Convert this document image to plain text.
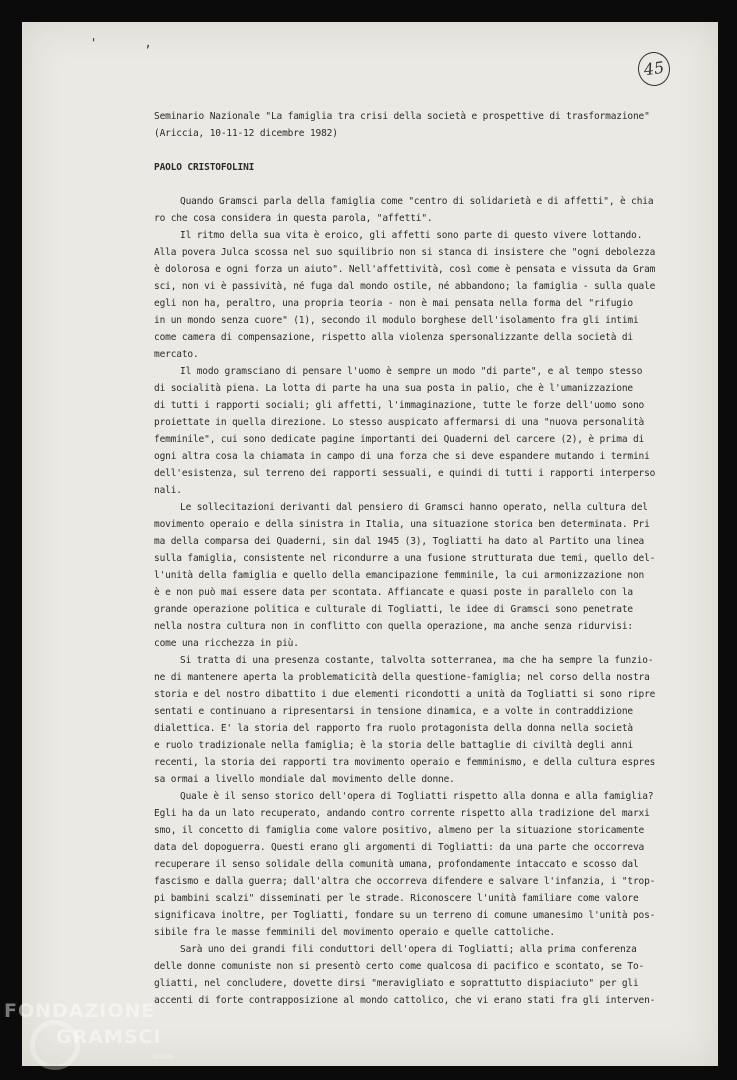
' ,
45
Seminario Nazionale "La famiglia tra crisi della società e prospettive di trasformazione"
(Ariccia, 10-11-12 dicembre 1982)
PAOLO CRISTOFOLINI
Quando Gramsci parla della famiglia come "centro di solidarietà e di affetti", è chia
ro che cosa considera in questa parola, "affetti".
Il ritmo della sua vita è eroico, gli affetti sono parte di questo vivere lottando.
Alla povera Julca scossa nel suo squilibrio non si stanca di insistere che "ogni debolezza
è dolorosa e ogni forza un aiuto". Nell'affettività, così come è pensata e vissuta da Gram
sci, non vi è passività, né fuga dal mondo ostile, né abbandono; la famiglia - sulla quale
egli non ha, peraltro, una propria teoria - non è mai pensata nella forma del "rifugio
in un mondo senza cuore" (1), secondo il modulo borghese dell'isolamento fra gli intimi
come camera di compensazione, rispetto alla violenza spersonalizzante della società di
mercato.
Il modo gramsciano di pensare l'uomo è sempre un modo "di parte", e al tempo stesso
di socialità piena. La lotta di parte ha una sua posta in palio, che è l'umanizzazione
di tutti i rapporti sociali; gli affetti, l'immaginazione, tutte le forze dell'uomo sono
proiettate in quella direzione. Lo stesso auspicato affermarsi di una "nuova personalità
femminile", cui sono dedicate pagine importanti dei Quaderni del carcere (2), è prima di
ogni altra cosa la chiamata in campo di una forza che si deve espandere mutando i termini
dell'esistenza, sul terreno dei rapporti sessuali, e quindi di tutti i rapporti interperso
nali.
Le sollecitazioni derivanti dal pensiero di Gramsci hanno operato, nella cultura del
movimento operaio e della sinistra in Italia, una situazione storica ben determinata. Pri
ma della comparsa dei Quaderni, sin dal 1945 (3), Togliatti ha dato al Partito una linea
sulla famiglia, consistente nel ricondurre a una fusione strutturata due temi, quello del-
l'unità della famiglia e quello della emancipazione femminile, la cui armonizzazione non
è e non può mai essere data per scontata. Affiancate e quasi poste in parallelo con la
grande operazione politica e culturale di Togliatti, le idee di Gramsci sono penetrate
nella nostra cultura non in conflitto con quella operazione, ma anche senza ridurvisi:
come una ricchezza in più.
Si tratta di una presenza costante, talvolta sotterranea, ma che ha sempre la funzio-
ne di mantenere aperta la problematicità della questione-famiglia; nel corso della nostra
storia e del nostro dibattito i due elementi ricondotti a unità da Togliatti si sono ripre
sentati e continuano a ripresentarsi in tensione dinamica, e a volte in contraddizione
dialettica. E' la storia del rapporto fra ruolo protagonista della donna nella società
e ruolo tradizionale nella famiglia; è la storia delle battaglie di civiltà degli anni
recenti, la storia dei rapporti tra movimento operaio e femminismo, e della cultura espres
sa ormai a livello mondiale dal movimento delle donne.
Quale è il senso storico dell'opera di Togliatti rispetto alla donna e alla famiglia?
Egli ha da un lato recuperato, andando contro corrente rispetto alla tradizione del marxi
smo, il concetto di famiglia come valore positivo, almeno per la situazione storicamente
data del dopoguerra. Questi erano gli argomenti di Togliatti: da una parte che occorreva
recuperare il senso solidale della comunità umana, profondamente intaccato e scosso dal
fascismo e dalla guerra; dall'altra che occorreva difendere e salvare l'infanzia, i "trop-
pi bambini scalzi" disseminati per le strade. Riconoscere l'unità familiare come valore
significava inoltre, per Togliatti, fondare su un terreno di comune umanesimo l'unità pos-
sibile fra le masse femminili del movimento operaio e quelle cattoliche.
Sarà uno dei grandi fili conduttori dell'opera di Togliatti; alla prima conferenza
delle donne comuniste non si presentò certo come qualcosa di pacifico e scontato, se To-
gliatti, nel concludere, dovette dirsi "meravigliato e soprattutto dispiaciuto" per gli
accenti di forte contrapposizione al mondo cattolico, che vi erano stati fra gli interven-
FONDAZIONE
GRAMSCI
onlus
